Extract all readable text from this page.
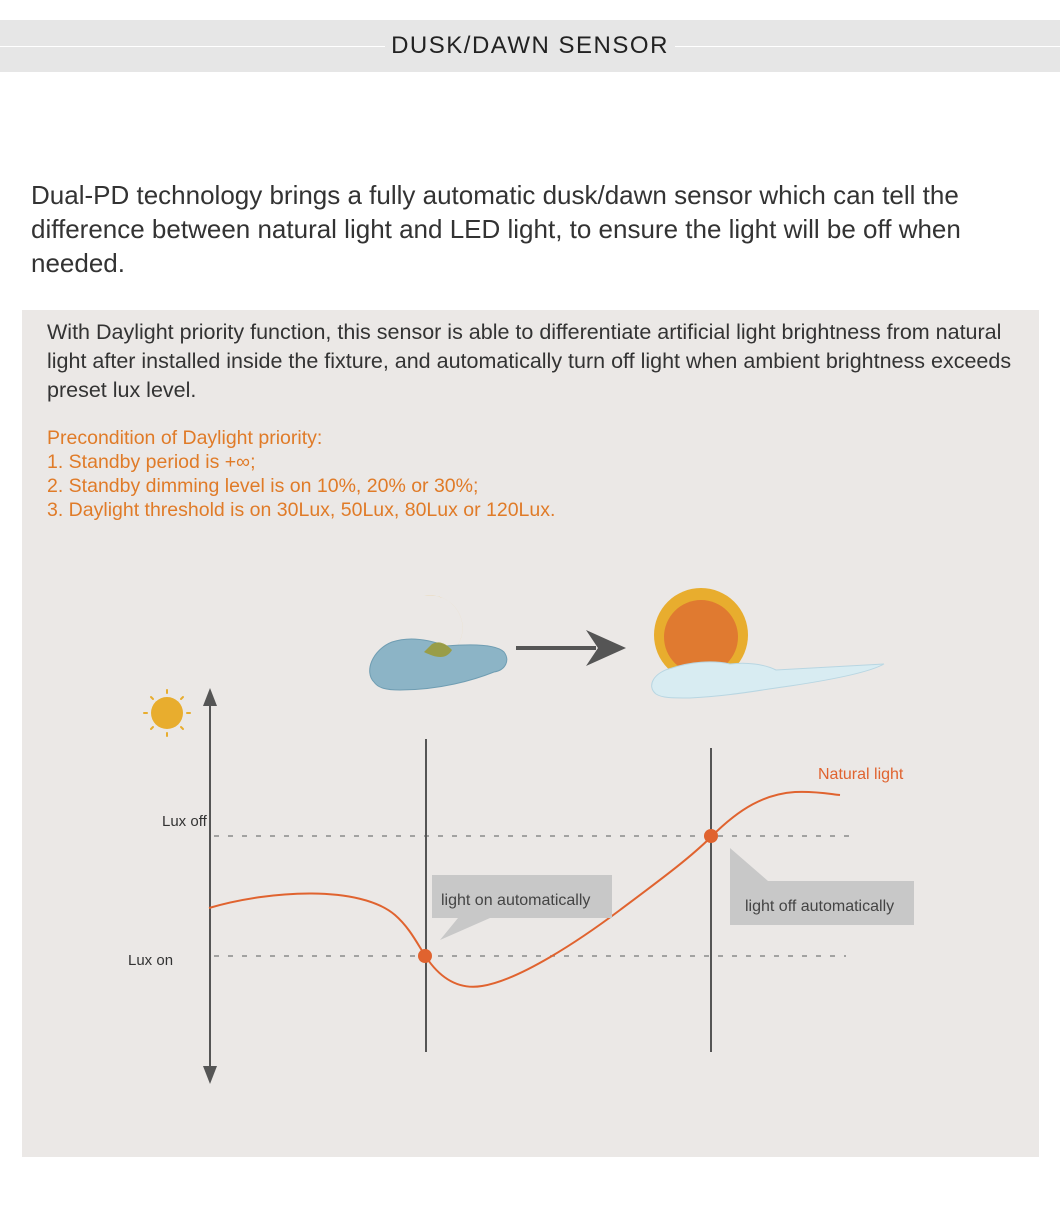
DUSK/DAWN SENSOR

Dual-PD technology brings a fully automatic dusk/dawn sensor which can tell the difference between natural light and LED light, to ensure the light will be off when needed.

With Daylight priority function, this sensor is able to differentiate artificial light brightness from natural light after installed inside the fixture, and automatically turn off light when ambient brightness exceeds preset lux level.

Precondition of Daylight priority:
1. Standby period is +∞;
2. Standby dimming level is on 10%, 20% or 30%;
3. Daylight threshold is on 30Lux, 50Lux, 80Lux or 120Lux.
light on automatically	light off automatically
Lux off
Lux on
Natural light
